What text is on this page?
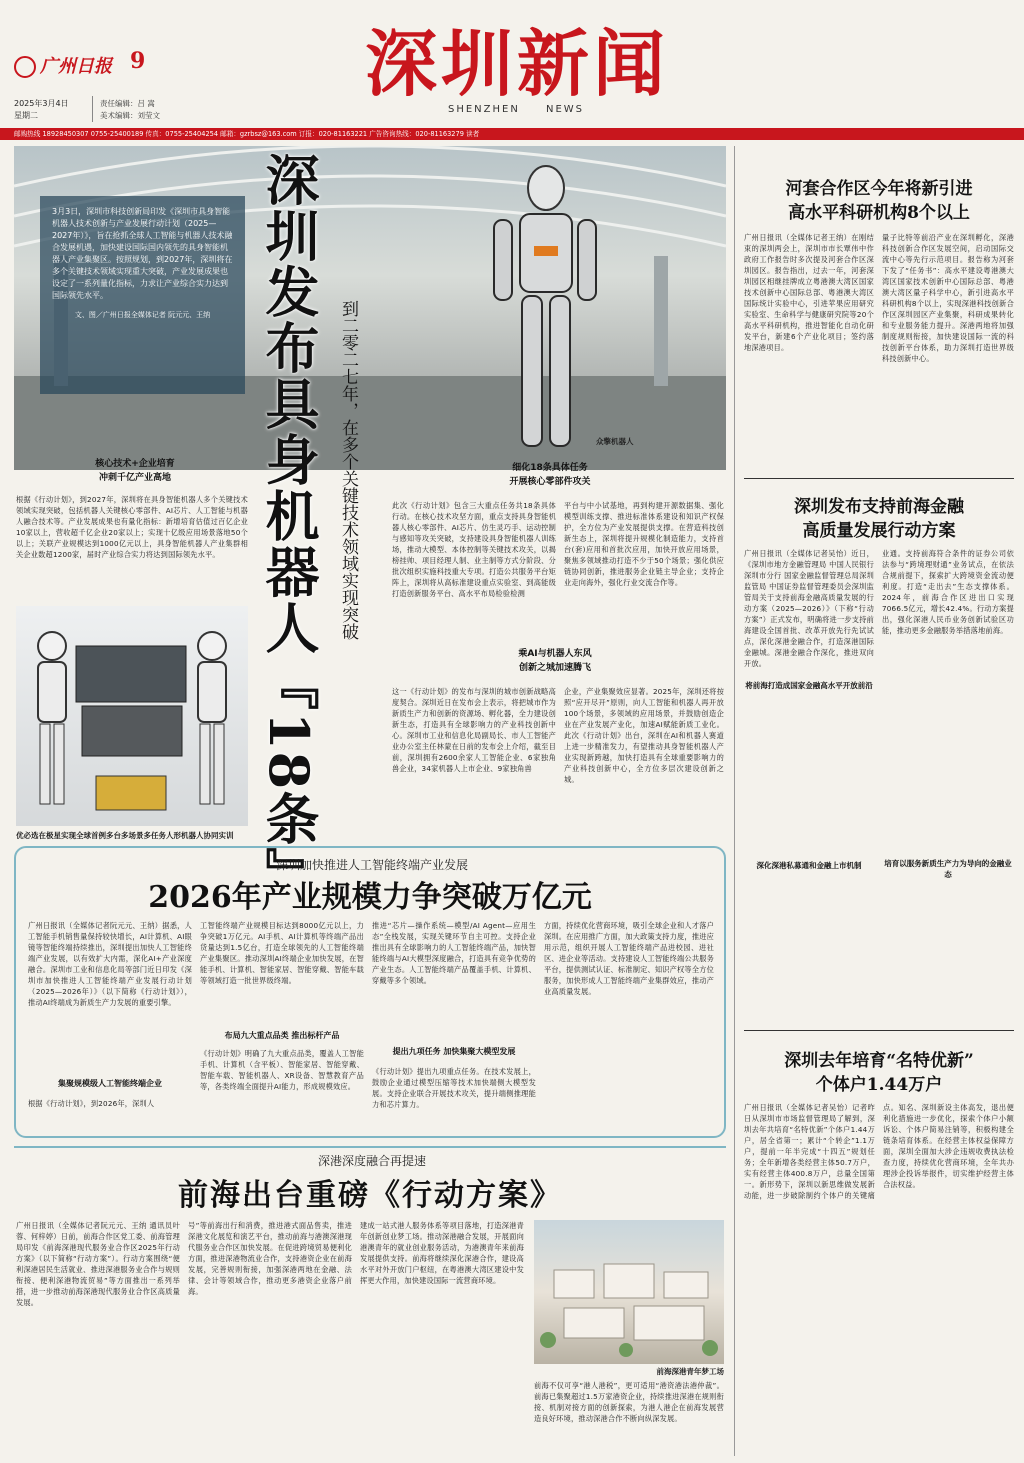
广州日报 9
2025年3月4日
星期二
责任编辑：吕 嵩
美术编辑：刘莹文
深圳新闻
SHENZHEN	NEWS
邮购热线 18928450307 0755-25400189 传真：0755-25404254 邮箱：gzrbsz@163.com 订报：020-81163221 广告咨询热线：020-81163279 读者
3月3日，深圳市科技创新局印发《深圳市具身智能机器人技术创新与产业发展行动计划（2025—2027年）》，旨在抢抓全球人工智能与机器人技术融合发展机遇，加快建设国际国内领先的具身智能机器人产业集聚区。按照规划，到2027年，深圳将在多个关键技术领域实现重大突破，产业发展成果也设定了一系列量化指标，力求让产业综合实力达到国际领先水平。
文、图／广州日报全媒体记者 阮元元、王纳 深圳发布具身机器人『18条』 到二零二七年，在多个关键技术领域实现突破	众擎机器人
核心技术+企业培育
冲刺千亿产业高地
根据《行动计划》，到2027年，深圳将在具身智能机器人多个关键技术领域实现突破，包括机器人关键核心零部件、AI芯片、人工智能与机器人融合技术等。产业发展成果也有量化指标：新增培育估值过百亿企业10家以上，营收超千亿企业20家以上；实现十亿级应用场景落地50个以上；关联产业规模达到1000亿元以上，具身智能机器人产业集群相关企业数超1200家，届时产业综合实力将达到国际领先水平。
优必选在极星实现全球首例多台多场景多任务人形机器人协同实训
细化18条具体任务
开展核心零部件攻关
此次《行动计划》包含三大重点任务共18条具体行动。在核心技术攻坚方面，重点支持具身智能机器人核心零部件、AI芯片、仿生灵巧手、运动控制与感知等攻关突破，支持建设具身智能机器人训练场，推动大模型、本体控制等关键技术攻关，以揭榜挂帅、项目经理人制、业主制等方式分阶段、分批次组织实施科技重大专项。打造公共服务平台矩阵上，深圳将从高标准建设重点实验室、到高能级打造创新服务平台、高水平布局检验检测
平台与中小试基地，再到构建开源数据集、强化模型训练支撑、推进标准体系建设和知识产权保护，全方位为产业发展提供支撑。在营造科技创新生态上，深圳将提升规模化制造能力，支持首台(套)应用和首批次应用，加快开放应用场景，聚焦多领域推动打造不少于50个场景；强化供应链协同创新，推进服务企业链主导企业；支持企业走向海外，强化行业交流合作等。
乘AI与机器人东风
创新之城加速腾飞
这一《行动计划》的发布与深圳的城市创新战略高度契合。深圳近日在发布会上表示，将把城市作为新质生产力和创新的资源场、孵化器，全力建设创新生态，打造具有全球影响力的产业科技创新中心。深圳市工业和信息化局副局长、市人工智能产业办公室主任林蒙在日前的发布会上介绍，截至目前，深圳拥有2600余家人工智能企业、6家独角兽企业，34家机器人上市企业、9家独角兽
企业，产业集聚效应显著。2025年，深圳还将按照“应开尽开”原则，向人工智能和机器人再开放100个场景，多领域的应用场景，并鼓励创造企业在产业发展产业化，加速AI赋能新质工业化。此次《行动计划》出台，深圳在AI和机器人赛道上进一步精准发力，有望推动具身智能机器人产业实现新跨越，加快打造具有全球重要影响力的产业科技创新中心，全方位多层次建设创新之城。
河套合作区今年将新引进
高水平科研机构8个以上
广州日报讯（全媒体记者王纳）在刚结束的深圳两会上，深圳市市长覃伟中作政府工作报告时多次提及河套合作区深圳园区。报告指出，过去一年，河套深圳园区相继挂牌成立粤港澳大湾区国家技术创新中心国际总部、粤港澳大湾区国际统计实验中心，引进苹果应用研究实验室、生命科学与健康研究院等20个高水平科研机构，推进智能化自动化研发平台，新建6个产业化项目；签约落地深港项目。
量子比特等前沿产业在深圳孵化，深港科技创新合作区发展空间，启动国际交流中心等先行示范项目。报告称为河套下发了“任务书”：高水平建设粤港澳大湾区国家技术创新中心国际总部、粤港澳大湾区量子科学中心，新引进高水平科研机构8个以上，实现深港科技创新合作区深圳园区产业集聚，科研成果转化和专业服务能力提升。深港两地将加强制度规则衔接，加快建设国际一流的科技创新平台体系，助力深圳打造世界级科技创新中心。
深圳发布支持前海金融
高质量发展行动方案
广州日报讯（全媒体记者吴怡）近日，《深圳市地方金融管理局 中国人民银行深圳市分行 国家金融监督管理总局深圳监管局 中国证券监督管理委员会深圳监管局关于支持前海金融高质量发展的行动方案（2025—2026）》（下称“行动方案”）正式发布，明确将进一步支持前海建设全国首批、改革开放先行先试试点，深化深港金融合作，打造深港国际金融城。深港金融合作深化，推进双向开放。
将前海打造成国家金融高水平开放前沿
业通。支持前海符合条件的证券公司依法参与“跨境理财通”业务试点，在依法合规前提下，探索扩大跨境资金流动便利度。打造“走出去”生态支撑体系。2024年，前海合作区进出口实现7066.5亿元，增长42.4%。行动方案提出，强化深港人民币业务创新试验区功能，推动更多金融服务举措落地前海。
培育以服务新质生产力为导向的金融业态
深化深港私募通和金融上市机制
深圳去年培育“名特优新”
个体户1.44万户
广州日报讯（全媒体记者吴怡）记者昨日从深圳市市场监督管理局了解到，深圳去年共培育“名特优新”个体户1.44万户，居全省第一；累计“个转企”1.1万户，提前一年半完成“十四五”规划任务；全年新增各类经营主体50.7万户，实有经营主体400.8万户，总量全国第一。新形势下，深圳以新思维做发展新动能，进一步破除制约个体户的关键痛点。知名、深圳新设主体高发，退出便利化措施进一步优化，探索个体户小额诉讼、个体户简易注销等，积极构建全链条培育体系。在经营主体权益保障方面，深圳全面加大涉企违规收费执法检查力度，持续优化营商环境，全年共办理涉企投诉举报件，切实维护经营主体合法权益。
深圳加快推进人工智能终端产业发展
2026年产业规模力争突破万亿元
广州日报讯（全媒体记者阮元元、王纳）据悉，人工智能手机销售量保持较快增长，AI计算机、AI眼镜等智能终端持续推出，深圳提出加快人工智能终端产业发展，以有效扩大内需，深化AI+产业深度融合。深圳市工业和信息化局等部门近日印发《深圳市加快推进人工智能终端产业发展行动计划（2025—2026年）》（以下简称《行动计划》），推动AI终端成为新质生产力发展的重要引擎。
集聚规模级人工智能终端企业
根据《行动计划》，到2026年，深圳人
工智能终端产业规模目标达到8000亿元以上，力争突破1万亿元。AI手机、AI计算机等终端产品出货量达到1.5亿台，打造全球领先的人工智能终端产业集聚区。推动深圳AI终端企业加快发展，在智能手机、计算机、智能家居、智能穿戴、智能车载等领域打造一批世界级终端。
布局九大重点品类 推出标杆产品
《行动计划》明确了九大重点品类，覆盖人工智能手机、计算机（含平板）、智能家居、智能穿戴、智能车载、智能机器人、XR设备、智慧教育产品等，各类终端全面提升AI能力，形成规模效应。
推进“芯片—操作系统—模型/AI Agent—应用生态”全栈发展，实现关键环节自主可控。支持企业推出具有全球影响力的人工智能终端产品，加快智能终端与AI大模型深度融合，打造具有竞争优势的产业生态。人工智能终端产品覆盖手机、计算机、穿戴等多个领域。
提出九项任务 加快集聚大模型发展
《行动计划》提出九项重点任务。在技术发展上，鼓励企业通过模型压缩等技术加快端侧大模型发展。支持企业联合开展技术攻关，提升端侧推理能力和芯片算力。
方面，持续优化营商环境，吸引全球企业和人才落户深圳。在应用推广方面，加大政策支持力度，推进应用示范，组织开展人工智能终端产品进校园、进社区、进企业等活动。支持建设人工智能终端公共服务平台，提供测试认证、标准制定、知识产权等全方位服务，加快形成人工智能终端产业集群效应，推动产业高质量发展。
深港深度融合再提速
前海出台重磅《行动方案》
广州日报讯（全媒体记者阮元元、王纳 通讯员叶蓉、何梓婷）日前，前海合作区党工委、前海管理局印发《前海深港现代服务业合作区2025年行动方案》（以下简称“行动方案”）。行动方案围绕“便利深港居民生活就业、推进深港服务业合作与规则衔接、便利深港物流贸易”等方面推出一系列举措，进一步推动前海深港现代服务业合作区高质量发展。
号”等前海出行和消费，推进港式面品售卖，推进深港文化展览和演艺平台，推动前海与港澳深港现代服务业合作区加快发展。在促进跨境贸易便利化方面，推进深港物流业合作，支持港资企业在前海发展，完善规则衔接，加强深港两地在金融、法律、会计等领域合作，推动更多港资企业落户前海。
建成一站式港人服务体系等项目落地，打造深港青年创新创业梦工场。推动深港融合发展，开展面向港澳青年的就业创业服务活动，为港澳青年来前海发展提供支持。前海将继续深化深港合作，建设高水平对外开放门户枢纽，在粤港澳大湾区建设中发挥更大作用，加快建设国际一流营商环境。
前海深港青年梦工场
前海不仅可享“港人港税”，更可适用“港资港法港仲裁”。前海已集聚超过1.5万家港资企业，持续推进深港在规则衔接、机制对接方面的创新探索，为港人港企在前海发展营造良好环境，推动深港合作不断向纵深发展。
